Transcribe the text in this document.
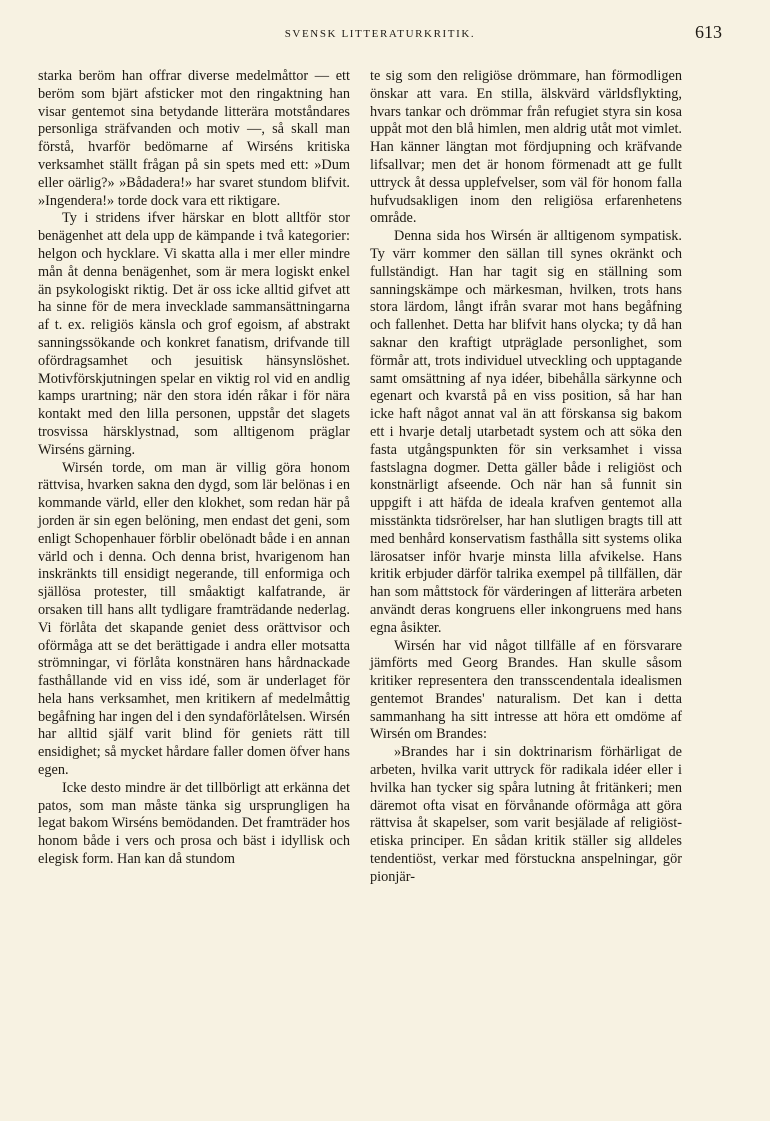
SVENSK LITTERATURKRITIK.	613

starka beröm han offrar diverse medelmåttor — ett beröm som bjärt afsticker mot den ringaktning han visar gentemot sina betydande litterära motståndares personliga sträfvanden och motiv —, så skall man förstå, hvarför bedömarne af Wirséns kritiska verksamhet ställt frågan på sin spets med ett: »Dum eller oärlig?» »Bådadera!» har svaret stundom blifvit. »Ingendera!» torde dock vara ett riktigare.

Ty i stridens ifver härskar en blott alltför stor benägenhet att dela upp de kämpande i två kategorier: helgon och hycklare. Vi skatta alla i mer eller mindre mån åt denna benägenhet, som är mera logiskt enkel än psykologiskt riktig. Det är oss icke alltid gifvet att ha sinne för de mera invecklade sammansättningarna af t. ex. religiös känsla och grof egoism, af abstrakt sanningssökande och konkret fanatism, drifvande till ofördragsamhet och jesuitisk hänsynslöshet. Motivförskjutningen spelar en viktig rol vid en andlig kamps urartning; när den stora idén råkar i för nära kontakt med den lilla personen, uppstår det slagets trosvissa härsklystnad, som alltigenom präglar Wirséns gärning.

Wirsén torde, om man är villig göra honom rättvisa, hvarken sakna den dygd, som lär belönas i en kommande värld, eller den klokhet, som redan här på jorden är sin egen belöning, men endast det geni, som enligt Schopenhauer förblir obelönadt både i en annan värld och i denna. Och denna brist, hvarigenom han inskränkts till ensidigt negerande, till enformiga och själlösa protester, till småaktigt kalfatrande, är orsaken till hans allt tydligare framträdande nederlag. Vi förlåta det skapande geniet dess orättvisor och oförmåga att se det berättigade i andra eller motsatta strömningar, vi förlåta konstnären hans hårdnackade fasthållande vid en viss idé, som är underlaget för hela hans verksamhet, men kritikern af medelmåttig begåfning har ingen del i den syndaförlåtelsen. Wirsén har alltid själf varit blind för geniets rätt till ensidighet; så mycket hårdare faller domen öfver hans egen.

Icke desto mindre är det tillbörligt att erkänna det patos, som man måste tänka sig ursprungligen ha legat bakom Wirséns bemödanden. Det framträder hos honom både i vers och prosa och bäst i idyllisk och elegisk form. Han kan då stundom

te sig som den religiöse drömmare, han förmodligen önskar att vara. En stilla, älskvärd världsflykting, hvars tankar och drömmar från refugiet styra sin kosa uppåt mot den blå himlen, men aldrig utåt mot vimlet. Han känner längtan mot fördjupning och kräfvande lifsallvar; men det är honom förmenadt att ge fullt uttryck åt dessa upplefvelser, som väl för honom falla hufvudsakligen inom den religiösa erfarenhetens område.

Denna sida hos Wirsén är alltigenom sympatisk. Ty värr kommer den sällan till synes okränkt och fullständigt. Han har tagit sig en ställning som sanningskämpe och märkesman, hvilken, trots hans stora lärdom, långt ifrån svarar mot hans begåfning och fallenhet. Detta har blifvit hans olycka; ty då han saknar den kraftigt utpräglade personlighet, som förmår att, trots individuel utveckling och upptagande samt omsättning af nya idéer, bibehålla särkynne och egenart och kvarstå på en viss position, så har han icke haft något annat val än att förskansa sig bakom ett i hvarje detalj utarbetadt system och att söka den fasta utgångspunkten för sin verksamhet i vissa fastslagna dogmer. Detta gäller både i religiöst och konstnärligt afseende. Och när han så funnit sin uppgift i att häfda de ideala krafven gentemot alla misstänkta tidsrörelser, har han slutligen bragts till att med benhård konservatism fasthålla sitt systems olika lärosatser inför hvarje minsta lilla afvikelse. Hans kritik erbjuder därför talrika exempel på tillfällen, där han som måttstock för värderingen af litterära arbeten användt deras kongruens eller inkongruens med hans egna åsikter.

Wirsén har vid något tillfälle af en försvarare jämförts med Georg Brandes. Han skulle såsom kritiker representera den transscendentala idealismen gentemot Brandes' naturalism. Det kan i detta sammanhang ha sitt intresse att höra ett omdöme af Wirsén om Brandes:

»Brandes har i sin doktrinarism förhärligat de arbeten, hvilka varit uttryck för radikala idéer eller i hvilka han tycker sig spåra lutning åt fritänkeri; men däremot ofta visat en förvånande oförmåga att göra rättvisa åt skapelser, som varit besjälade af religiöst-etiska principer. En sådan kritik ställer sig alldeles tendentiöst, verkar med förstuckna anspelningar, gör pionjär-
